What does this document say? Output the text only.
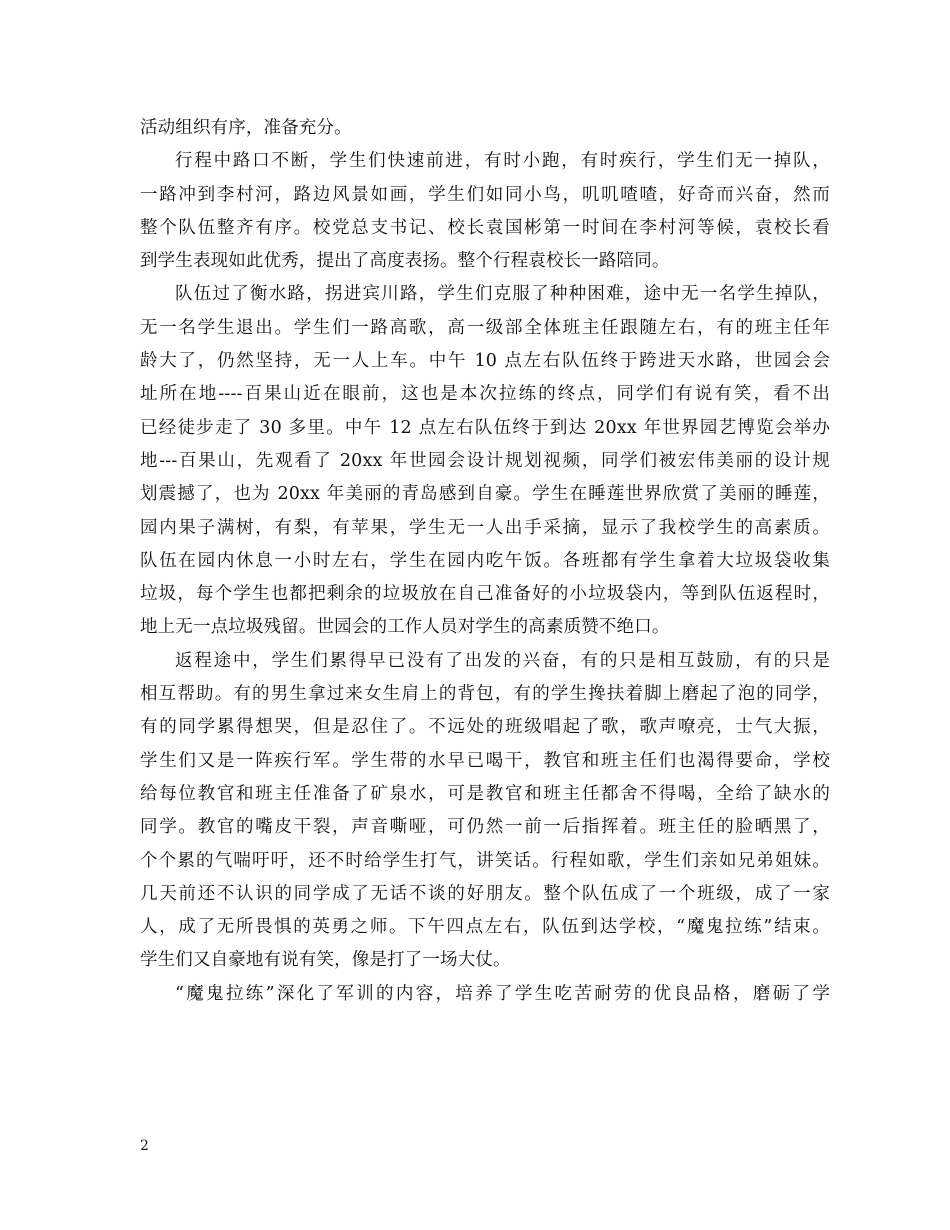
活动组织有序，准备充分。
行程中路口不断，学生们快速前进，有时小跑，有时疾行，学生们无一掉队，
一路冲到李村河，路边风景如画，学生们如同小鸟，叽叽喳喳，好奇而兴奋，然而
整个队伍整齐有序。校党总支书记、校长袁国彬第一时间在李村河等候，袁校长看
到学生表现如此优秀，提出了高度表扬。整个行程袁校长一路陪同。
队伍过了衡水路，拐进宾川路，学生们克服了种种困难，途中无一名学生掉队，
无一名学生退出。学生们一路高歌，高一级部全体班主任跟随左右，有的班主任年
龄大了，仍然坚持，无一人上车。中午 10 点左右队伍终于跨进天水路，世园会会
址所在地----百果山近在眼前，这也是本次拉练的终点，同学们有说有笑，看不出
已经徒步走了 30 多里。中午 12 点左右队伍终于到达 20xx 年世界园艺博览会举办
地---百果山，先观看了 20xx 年世园会设计规划视频，同学们被宏伟美丽的设计规
划震撼了，也为 20xx 年美丽的青岛感到自豪。学生在睡莲世界欣赏了美丽的睡莲，
园内果子满树，有梨，有苹果，学生无一人出手采摘，显示了我校学生的高素质。
队伍在园内休息一小时左右，学生在园内吃午饭。各班都有学生拿着大垃圾袋收集
垃圾，每个学生也都把剩余的垃圾放在自己准备好的小垃圾袋内，等到队伍返程时，
地上无一点垃圾残留。世园会的工作人员对学生的高素质赞不绝口。
返程途中，学生们累得早已没有了出发的兴奋，有的只是相互鼓励，有的只是
相互帮助。有的男生拿过来女生肩上的背包，有的学生搀扶着脚上磨起了泡的同学，
有的同学累得想哭，但是忍住了。不远处的班级唱起了歌，歌声嘹亮，士气大振，
学生们又是一阵疾行军。学生带的水早已喝干，教官和班主任们也渴得要命，学校
给每位教官和班主任准备了矿泉水，可是教官和班主任都舍不得喝，全给了缺水的
同学。教官的嘴皮干裂，声音嘶哑，可仍然一前一后指挥着。班主任的脸晒黑了，
个个累的气喘吁吁，还不时给学生打气，讲笑话。行程如歌，学生们亲如兄弟姐妹。
几天前还不认识的同学成了无话不谈的好朋友。整个队伍成了一个班级，成了一家
人，成了无所畏惧的英勇之师。下午四点左右，队伍到达学校，“魔鬼拉练”结束。
学生们又自豪地有说有笑，像是打了一场大仗。
“魔鬼拉练”深化了军训的内容，培养了学生吃苦耐劳的优良品格，磨砺了学
2
